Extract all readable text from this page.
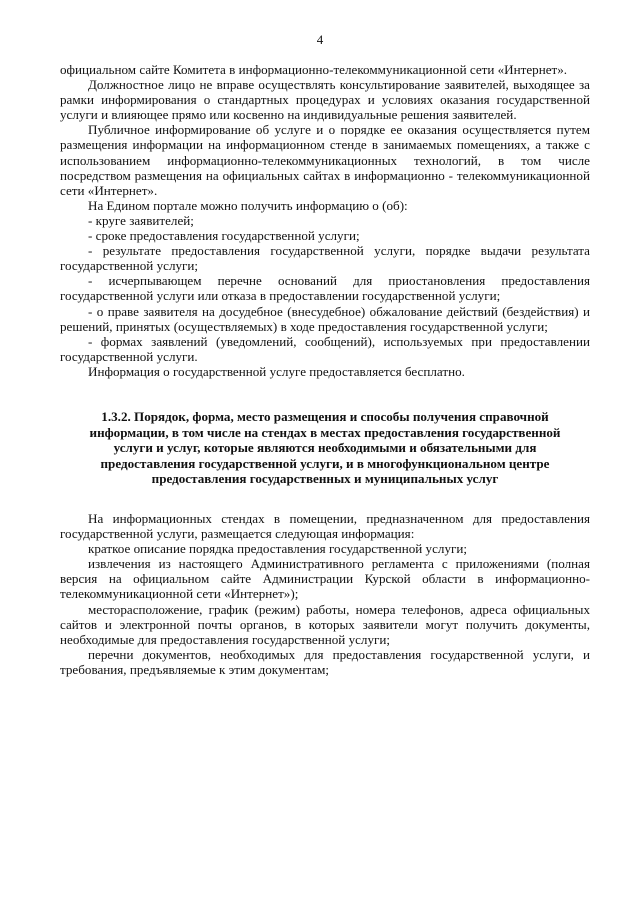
4

официальном сайте Комитета в информационно-телекоммуникационной сети «Интернет».

Должностное лицо не вправе осуществлять консультирование заявителей, выходящее за рамки информирования о стандартных процедурах и условиях оказания государственной услуги и влияющее прямо или косвенно на индивидуальные решения заявителей.

Публичное информирование об услуге и о порядке ее оказания осуществляется путем размещения информации на информационном стенде в занимаемых помещениях, а также с использованием информационно-телекоммуникационных технологий, в том числе посредством размещения на официальных сайтах в информационно - телекоммуникационной сети «Интернет».

На Едином портале можно получить информацию о (об):

- круге заявителей;

- сроке предоставления государственной услуги;

- результате предоставления государственной услуги, порядке выдачи результата государственной услуги;

- исчерпывающем перечне оснований для приостановления предоставления государственной услуги или отказа в предоставлении государственной услуги;

- о праве заявителя на досудебное (внесудебное) обжалование действий (бездействия) и решений, принятых (осуществляемых) в ходе предоставления государственной услуги;

- формах заявлений (уведомлений, сообщений), используемых при предоставлении государственной услуги.

Информация о государственной услуге предоставляется бесплатно.

1.3.2. Порядок, форма, место размещения и способы получения справочной информации, в том числе на стендах в местах предоставления государственной услуги и услуг, которые являются необходимыми и обязательными для предоставления государственной услуги, и в многофункциональном центре предоставления государственных и муниципальных услуг

На информационных стендах в помещении, предназначенном для предоставления государственной услуги, размещается следующая информация:

краткое описание порядка предоставления государственной услуги;

извлечения из настоящего Административного регламента с приложениями (полная версия на официальном сайте Администрации Курской области в информационно-телекоммуникационной сети «Интернет»);

месторасположение, график (режим) работы, номера телефонов, адреса официальных сайтов и электронной почты органов, в которых заявители могут получить документы, необходимые для предоставления государственной услуги;

перечни документов, необходимых для предоставления государственной услуги, и требования, предъявляемые к этим документам;
